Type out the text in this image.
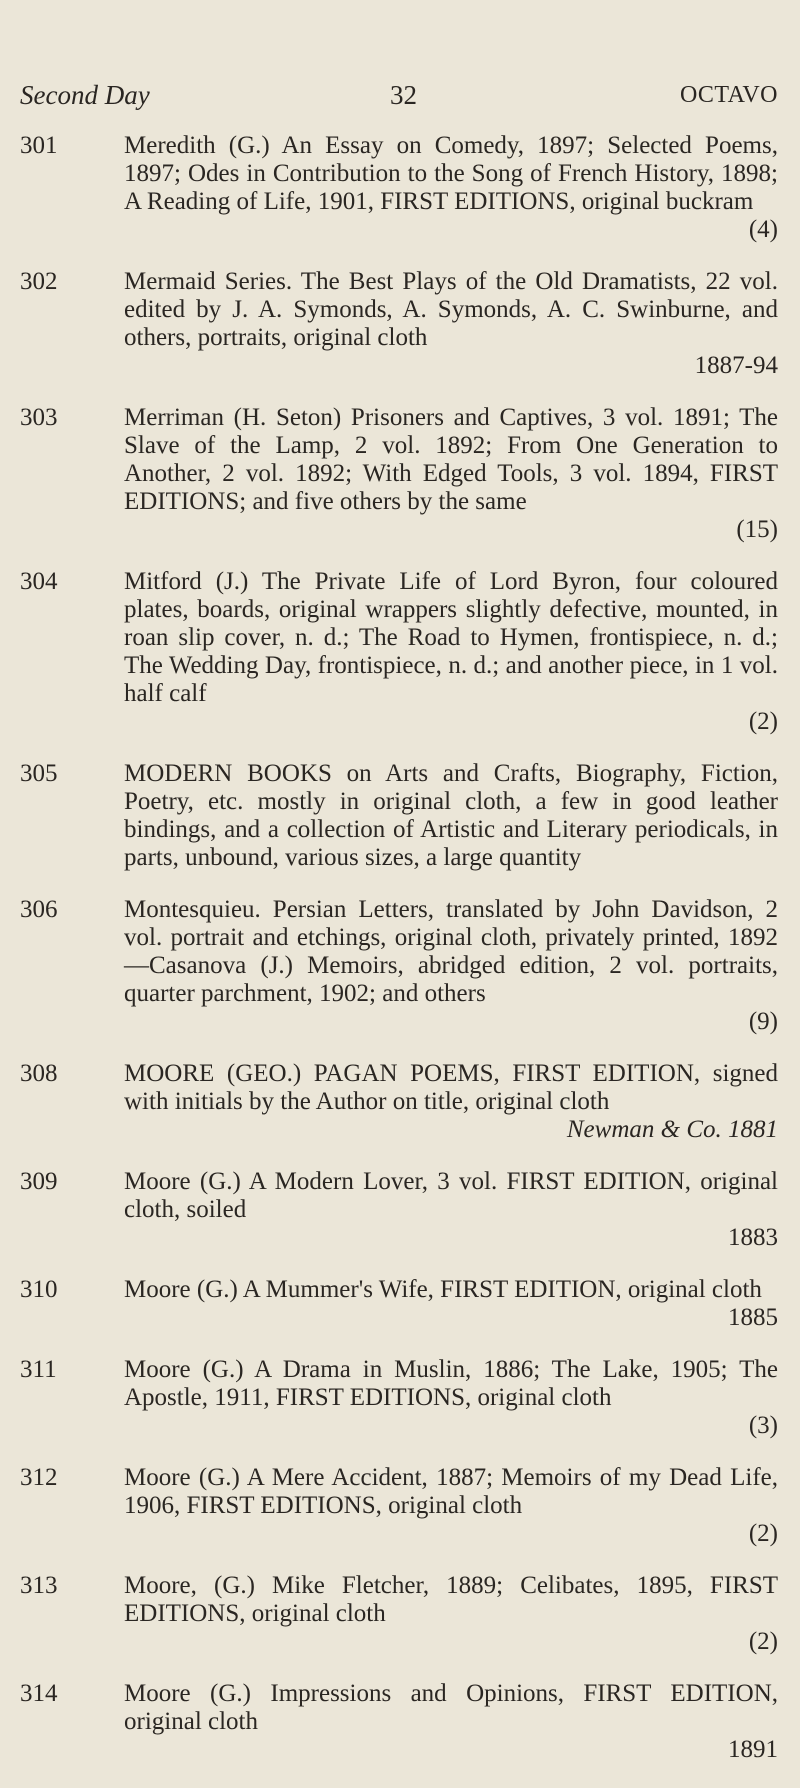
Second Day	32	OCTAVO
301	Meredith (G.) An Essay on Comedy, 1897; Selected Poems, 1897; Odes in Contribution to the Song of French History, 1898; A Reading of Life, 1901, FIRST EDITIONS, original buckram
(4)
302	Mermaid Series. The Best Plays of the Old Dramatists, 22 vol. edited by J. A. Symonds, A. Symonds, A. C. Swinburne, and others, portraits, original cloth
1887-94
303	Merriman (H. Seton) Prisoners and Captives, 3 vol. 1891; The Slave of the Lamp, 2 vol. 1892; From One Generation to Another, 2 vol. 1892; With Edged Tools, 3 vol. 1894, FIRST EDITIONS; and five others by the same
(15)
304	Mitford (J.) The Private Life of Lord Byron, four coloured plates, boards, original wrappers slightly defective, mounted, in roan slip cover, n. d.; The Road to Hymen, frontispiece, n. d.; The Wedding Day, frontispiece, n. d.; and another piece, in 1 vol. half calf
(2)
305	MODERN BOOKS on Arts and Crafts, Biography, Fiction, Poetry, etc. mostly in original cloth, a few in good leather bindings, and a collection of Artistic and Literary periodicals, in parts, unbound, various sizes, a large quantity
306	Montesquieu. Persian Letters, translated by John Davidson, 2 vol. portrait and etchings, original cloth, privately printed, 1892—Casanova (J.) Memoirs, abridged edition, 2 vol. portraits, quarter parchment, 1902; and others
(9)
308	MOORE (GEO.) PAGAN POEMS, FIRST EDITION, signed with initials by the Author on title, original cloth
Newman & Co. 1881
309	Moore (G.) A Modern Lover, 3 vol. FIRST EDITION, original cloth, soiled
1883
310	Moore (G.) A Mummer's Wife, FIRST EDITION, original cloth
1885
311	Moore (G.) A Drama in Muslin, 1886; The Lake, 1905; The Apostle, 1911, FIRST EDITIONS, original cloth
(3)
312	Moore (G.) A Mere Accident, 1887; Memoirs of my Dead Life, 1906, FIRST EDITIONS, original cloth
(2)
313	Moore, (G.) Mike Fletcher, 1889; Celibates, 1895, FIRST EDITIONS, original cloth
(2)
314	Moore (G.) Impressions and Opinions, FIRST EDITION, original cloth
1891
